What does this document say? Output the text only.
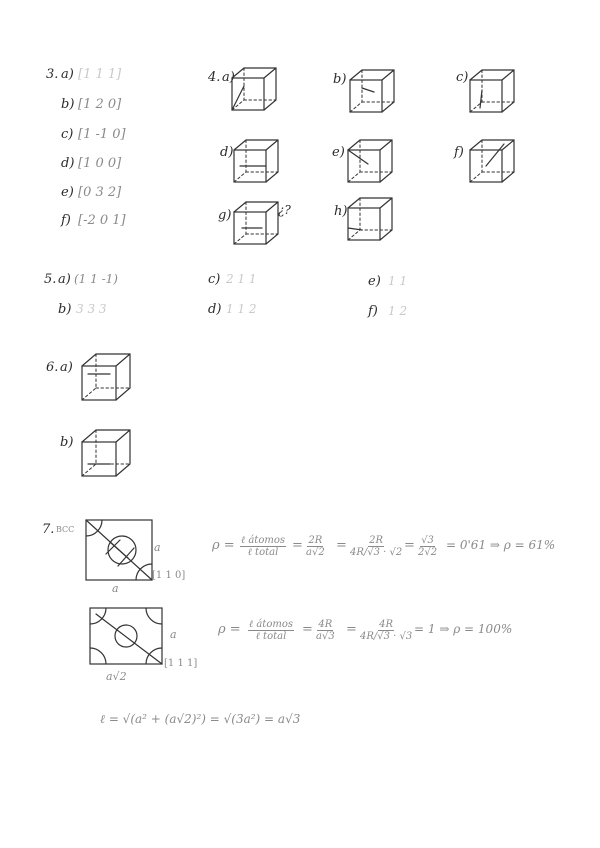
3. a) [1 1 1]
b) [1 2 0]
c) [1 -1 0]
d) [1 0 0]
e) [0 3 2]
f) [-2 0 1]
4. a)	b)	c)
d)	e)	f)
g)	¿?	h)
5. a) (1 1 -1)
b) 3 3 3
c) 2 1 1
d) 1 1 2
e) 1 1
f) 1 2
6. a)
b)
7. BCC
a
a
[1 1 0]
ρ = ℓ átomos
ℓ total = $\frac{2R}{a√2} = \frac{2R}{4R/√3 \cdot √2} = \frac{√3}{2√2} = 0'61$ ⇒ ρ = 61%
a
a√2
[1 1 1]
ρ = ℓ átomos
ℓ total = $\frac{4R}{a√3} = \frac{4R}{4R/√3 \cdot √3} = 1$ ⇒ ρ = 100%
ℓ = √(a² + (a√2)²) = √(3a²) = a√3
